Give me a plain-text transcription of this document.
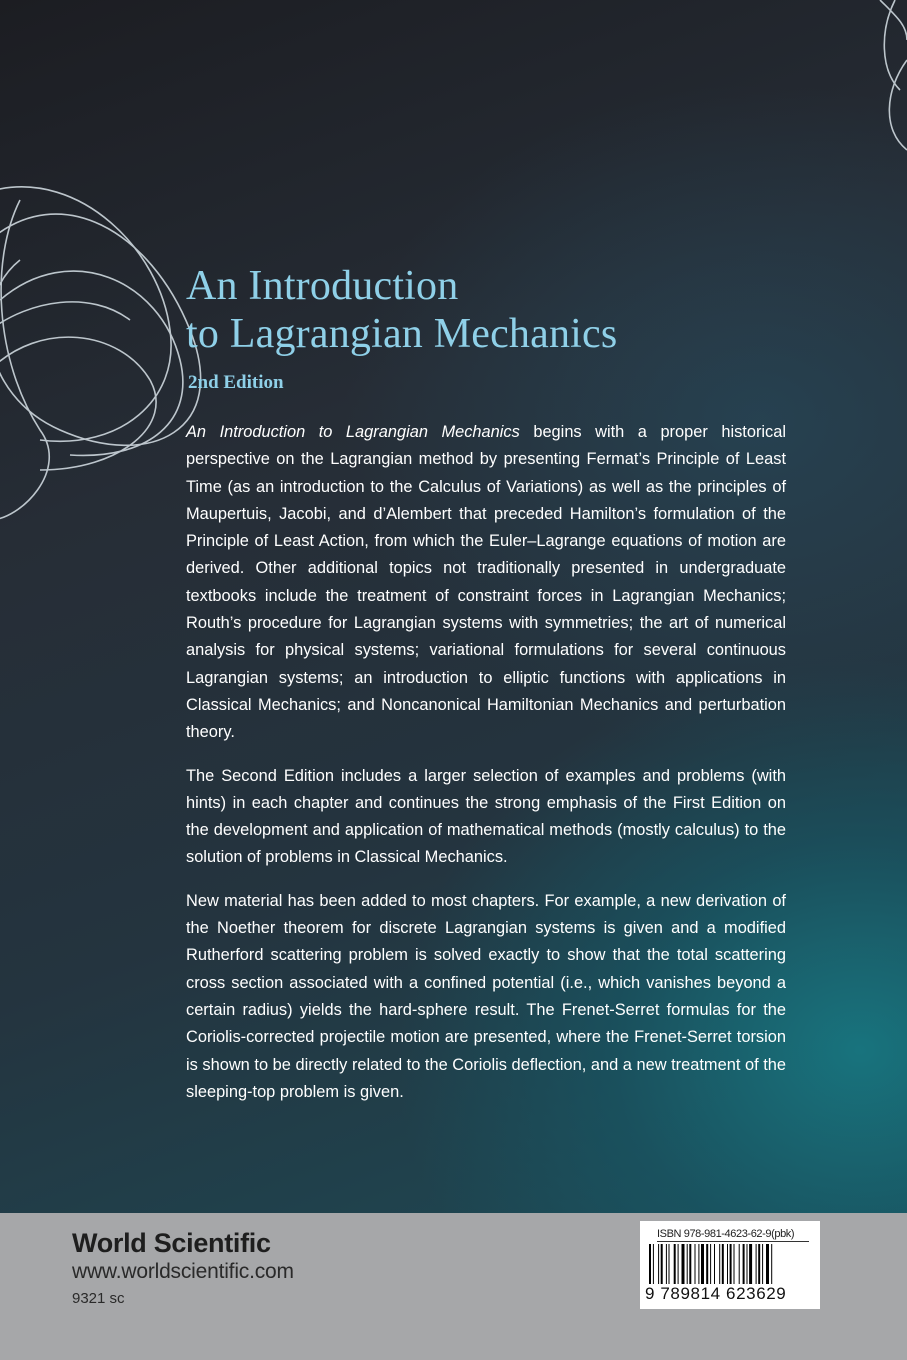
An Introduction
to Lagrangian Mechanics
2nd Edition

An Introduction to Lagrangian Mechanics begins with a proper historical perspective on the Lagrangian method by presenting Fermat’s Principle of Least Time (as an introduction to the Calculus of Variations) as well as the principles of Maupertuis, Jacobi, and d’Alembert that preceded Hamilton’s formulation of the Principle of Least Action, from which the Euler–Lagrange equations of motion are derived. Other additional topics not traditionally presented in undergraduate textbooks include the treatment of constraint forces in Lagrangian Mechanics; Routh’s procedure for Lagrangian systems with symmetries; the art of numerical analysis for physical systems; variational formulations for several continuous Lagrangian systems; an introduction to elliptic functions with applications in Classical Mechanics; and Noncanonical Hamiltonian Mechanics and perturbation theory.

The Second Edition includes a larger selection of examples and problems (with hints) in each chapter and continues the strong emphasis of the First Edition on the development and application of mathematical methods (mostly calculus) to the solution of problems in Classical Mechanics.

New material has been added to most chapters. For example, a new derivation of the Noether theorem for discrete Lagrangian systems is given and a modified Rutherford scattering problem is solved exactly to show that the total scattering cross section associated with a confined potential (i.e., which vanishes beyond a certain radius) yields the hard-sphere result. The Frenet-Serret formulas for the Coriolis-corrected projectile motion are presented, where the Frenet-Serret torsion is shown to be directly related to the Coriolis deflection, and a new treatment of the sleeping-top problem is given.

World Scientific
www.worldscientific.com
9321 sc
ISBN 978-981-4623-62-9(pbk)
9 789814 623629
